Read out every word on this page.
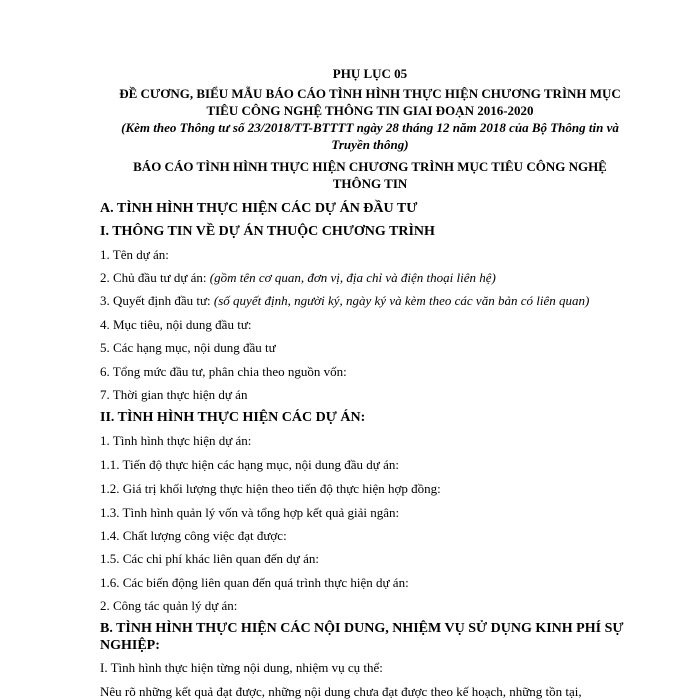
PHỤ LỤC 05
ĐỀ CƯƠNG, BIỂU MẪU BÁO CÁO TÌNH HÌNH THỰC HIỆN CHƯƠNG TRÌNH MỤC
TIÊU CÔNG NGHỆ THÔNG TIN GIAI ĐOẠN 2016-2020
(Kèm theo Thông tư số 23/2018/TT-BTTTT ngày 28 tháng 12 năm 2018 của Bộ Thông tin và
Truyền thông)
BÁO CÁO TÌNH HÌNH THỰC HIỆN CHƯƠNG TRÌNH MỤC TIÊU CÔNG NGHỆ
THÔNG TIN
A. TÌNH HÌNH THỰC HIỆN CÁC DỰ ÁN ĐẦU TƯ
I. THÔNG TIN VỀ DỰ ÁN THUỘC CHƯƠNG TRÌNH
1. Tên dự án:
2. Chủ đầu tư dự án: (gồm tên cơ quan, đơn vị, địa chỉ và điện thoại liên hệ)
3. Quyết định đầu tư: (số quyết định, người ký, ngày ký và kèm theo các văn bản có liên quan)
4. Mục tiêu, nội dung đầu tư:
5. Các hạng mục, nội dung đầu tư
6. Tổng mức đầu tư, phân chia theo nguồn vốn:
7. Thời gian thực hiện dự án
II. TÌNH HÌNH THỰC HIỆN CÁC DỰ ÁN:
1. Tình hình thực hiện dự án:
1.1. Tiến độ thực hiện các hạng mục, nội dung đầu dự án:
1.2. Giá trị khối lượng thực hiện theo tiến độ thực hiện hợp đồng:
1.3. Tình hình quản lý vốn và tổng hợp kết quả giải ngân:
1.4. Chất lượng công việc đạt được:
1.5. Các chi phí khác liên quan đến dự án:
1.6. Các biến động liên quan đến quá trình thực hiện dự án:
2. Công tác quản lý dự án:
B. TÌNH HÌNH THỰC HIỆN CÁC NỘI DUNG, NHIỆM VỤ SỬ DỤNG KINH PHÍ SỰ
NGHIỆP:
I. Tình hình thực hiện từng nội dung, nhiệm vụ cụ thể:
Nêu rõ những kết quả đạt được, những nội dung chưa đạt được theo kế hoạch, những tồn tại,
